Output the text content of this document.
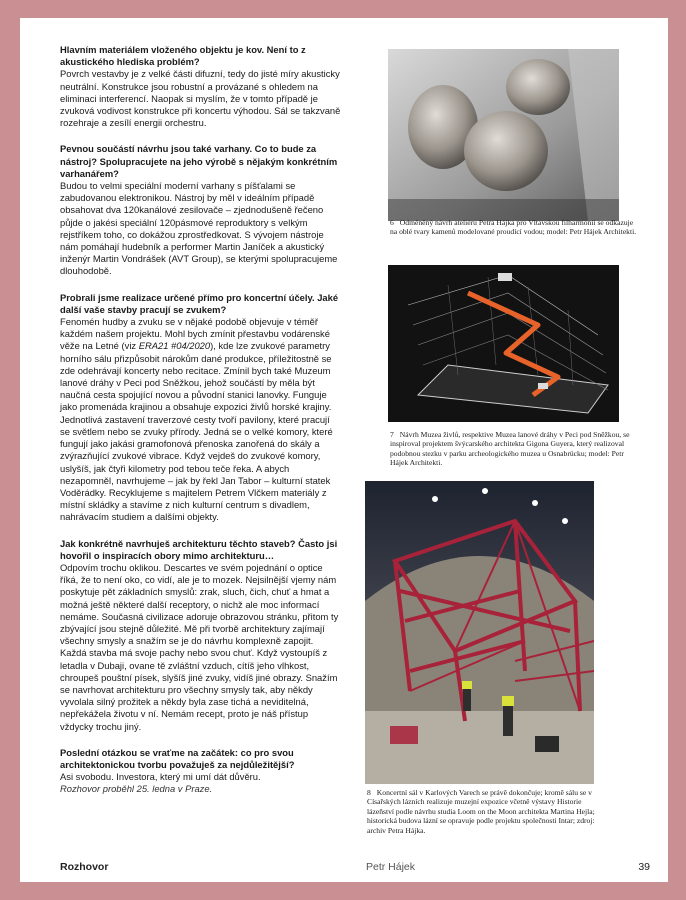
Hlavním materiálem vloženého objektu je kov. Není to z akustického hlediska problém?
Povrch vestavby je z velké části difuzní, tedy do jisté míry akusticky neutrální. Konstrukce jsou robustní a provázané s ohledem na eliminaci interferencí. Naopak si myslím, že v tomto případě je zvuková vodivost konstrukce při koncertu výhodou. Sál se takzvaně rozehraje a zesílí energii orchestru.

Pevnou součástí návrhu jsou také varhany. Co to bude za nástroj? Spolupracujete na jeho výrobě s nějakým konkrétním varhanářem?
Budou to velmi speciální moderní varhany s píšťalami se zabudovanou elektronikou. Nástroj by měl v ideálním případě obsahovat dva 120kanálové zesilovače – zjednodušeně řečeno půjde o jakési speciální 120pásmové reproduktory s velkým rejstříkem toho, co dokážou zprostředkovat. S vývojem nástroje nám pomáhají hudebník a performer Martin Janíček a akustický inženýr Martin Vondrášek (AVT Group), se kterými spolupracujeme dlouhodobě.

Probrali jsme realizace určené přímo pro koncertní účely. Jaké další vaše stavby pracují se zvukem?
Fenomén hudby a zvuku se v nějaké podobě objevuje v téměř každém našem projektu. Mohl bych zmínit přestavbu vodárenské věže na Letné (viz ERA21 #04/2020), kde lze zvukové parametry horního sálu přizpůsobit nárokům dané produkce, příležitostně se zde odehrávají koncerty nebo recitace. Zmínil bych také Muzeum lanové dráhy v Peci pod Sněžkou, jehož součástí by měla být naučná cesta spojující novou a původní stanici lanovky. Funguje jako promenáda krajinou a obsahuje expozici živlů horské krajiny. Jednotlivá zastavení traverzové cesty tvoří pavilony, které pracují se světlem nebo se zvuky přírody. Jedná se o velké komory, které fungují jako jakási gramofonová přenoska zanořená do skály a zvýrazňující zvukové vibrace. Když vejdeš do zvukové komory, uslyšíš, jak čtyři kilometry pod tebou teče řeka. A abych nezapomněl, navrhujeme – jak by řekl Jan Tabor – kulturní statek Voděrádky. Recyklujeme s majitelem Petrem Vlčkem materiály z místní skládky a stavíme z nich kulturní centrum s divadlem, nahrávacím studiem a dalšími objekty.

Jak konkrétně navrhuješ architekturu těchto staveb? Často jsi hovořil o inspiracích obory mimo architekturu…
Odpovím trochu oklikou. Descartes ve svém pojednání o optice říká, že to není oko, co vidí, ale je to mozek. Nejsilnější vjemy nám poskytuje pět základních smyslů: zrak, sluch, čich, chuť a hmat a možná ještě některé další receptory, o nichž ale moc informací nemáme. Současná civilizace adoruje obrazovou stránku, přitom ty zbývající jsou stejně důležité. Mě při tvorbě architektury zajímají všechny smysly a snažím se je do návrhu komplexně zapojit. Každá stavba má svoje pachy nebo svou chuť. Když vystoupíš z letadla v Dubaji, ovane tě zvláštní vzduch, cítíš jeho vlhkost, chroupeš pouštní písek, slyšíš jiné zvuky, vidíš jiné obrazy. Snažím se navrhovat architekturu pro všechny smysly tak, aby někdy vyvolala silný prožitek a někdy byla zase tichá a neviditelná, nepřekážela životu v ní. Nemám recept, proto je náš přístup vždycky trochu jiný.

Poslední otázkou se vraťme na začátek: co pro svou architektonickou tvorbu považuješ za nejdůležitější?
Asi svobodu. Investora, který mi umí dát důvěru.
Rozhovor proběhl 25. ledna v Praze.

6 Odměněný návrh ateliéru Petra Hájka pro Vltavskou filharmonii se odkazuje na oblé tvary kamenů modelované proudící vodou; model: Petr Hájek Architekti.
7 Návrh Muzea živlů, respektive Muzea lanové dráhy v Peci pod Sněžkou, se inspiroval projektem švýcarského architekta Gigona Guyera, který realizoval podobnou stezku v parku archeologického muzea u Osnabrücku; model: Petr Hájek Architekti.
8 Koncertní sál v Karlových Varech se právě dokončuje; kromě sálu se v Císařských lázních realizuje muzejní expozice včetně výstavy Historie lázeňství podle návrhu studia Loom on the Moon architekta Martina Hejla; historická budova lázní se opravuje podle projektu společnosti Intar; zdroj: archiv Petra Hájka.
Rozhovor	Petr Hájek	39
